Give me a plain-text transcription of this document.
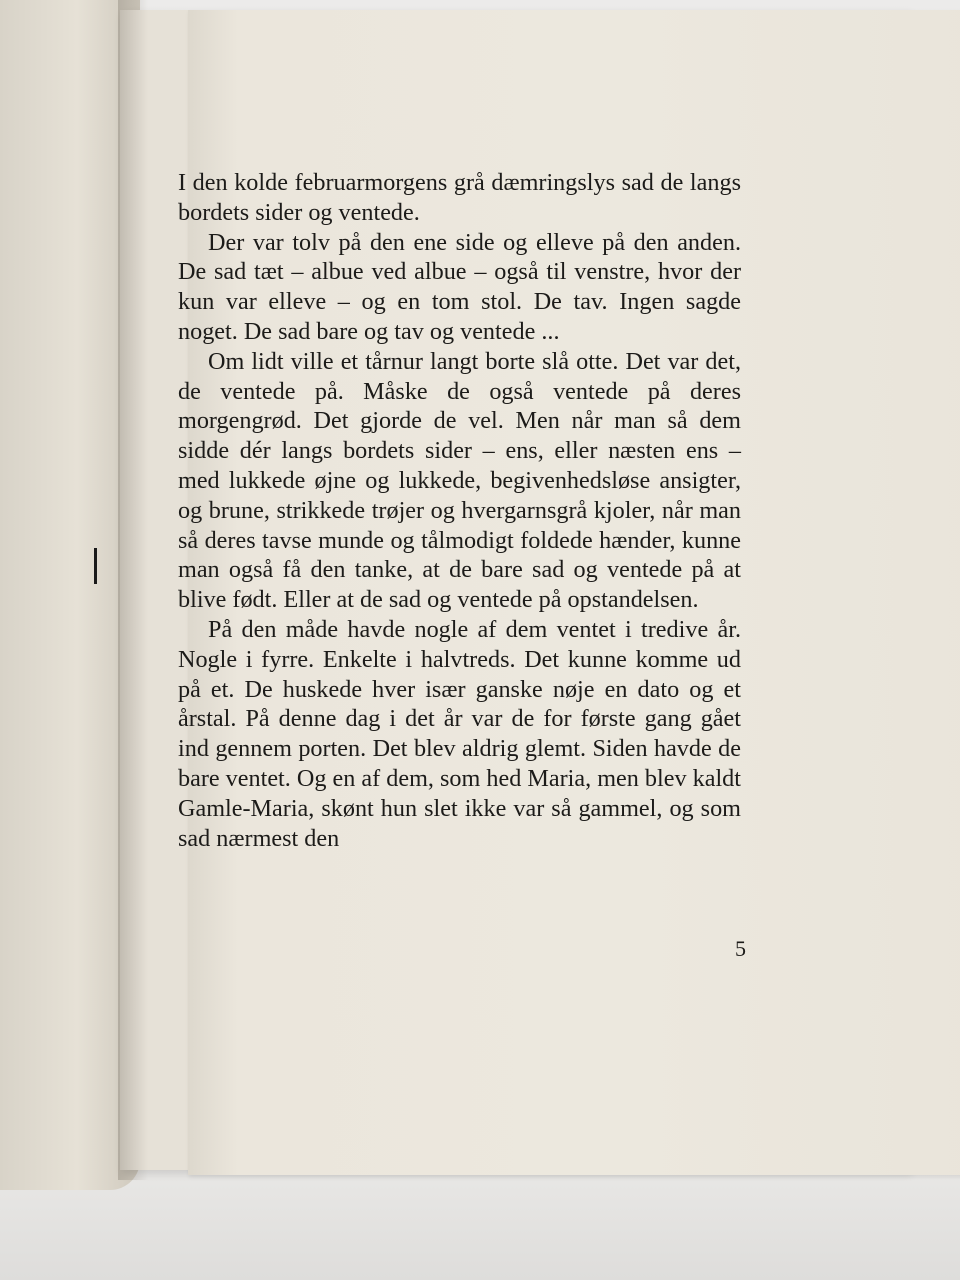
I den kolde februarmorgens grå dæmringslys sad de langs bordets sider og ventede.

Der var tolv på den ene side og elleve på den anden. De sad tæt – albue ved albue – også til venstre, hvor der kun var elleve – og en tom stol. De tav. Ingen sagde noget. De sad bare og tav og ventede ...

Om lidt ville et tårnur langt borte slå otte. Det var det, de ventede på. Måske de også ventede på deres morgengrød. Det gjorde de vel. Men når man så dem sidde dér langs bordets sider – ens, eller næsten ens – med lukkede øjne og lukkede, begivenhedsløse ansigter, og brune, strikkede trøjer og hvergarnsgrå kjoler, når man så deres tavse munde og tålmodigt foldede hænder, kunne man også få den tanke, at de bare sad og ventede på at blive født. Eller at de sad og ventede på opstandelsen.

På den måde havde nogle af dem ventet i tredive år. Nogle i fyrre. Enkelte i halvtreds. Det kunne komme ud på et. De huskede hver især ganske nøje en dato og et årstal. På denne dag i det år var de for første gang gået ind gennem porten. Det blev aldrig glemt. Siden havde de bare ventet. Og en af dem, som hed Maria, men blev kaldt Gamle-Maria, skønt hun slet ikke var så gammel, og som sad nærmest den

5
